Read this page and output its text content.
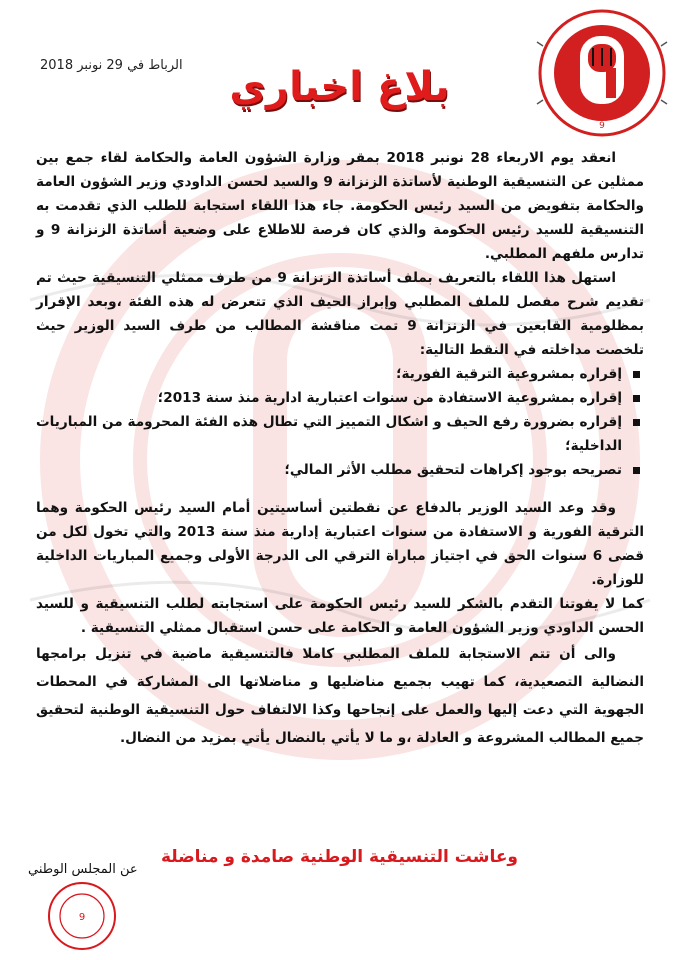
9
الرباط في 29 نونبر 2018	بلاغ اخباري

انعقد يوم الاربعاء 28 نونبر 2018 بمقر وزارة الشؤون العامة والحكامة لقاء جمع بين ممثلين عن التنسيقية الوطنية لأساتذة الزنزانة 9 والسيد لحسن الداودي وزير الشؤون العامة والحكامة بتفويض من السيد رئيس الحكومة. جاء هذا اللقاء استجابة للطلب الذي تقدمت به التنسيقية للسيد رئيس الحكومة والذي كان فرصة للاطلاع على وضعية أساتذة الزنزانة 9 و تدارس ملفهم المطلبي.

استهل هذا اللقاء بالتعريف بملف أساتذة الزنزانة 9 من طرف ممثلي التنسيقية حيث تم تقديم شرح مفصل للملف المطلبي وإبراز الحيف الذي تتعرض له هذه الفئة ،وبعد الإقرار بمظلومية القابعين في الزنزانة 9 تمت مناقشة المطالب من طرف السيد الوزير حيث تلخصت مداخلته في النقط التالية:

إقراره بمشروعية الترقية الفورية؛
إقراره بمشروعية الاستفادة من سنوات اعتبارية ادارية منذ سنة 2013؛
إقراره بضرورة رفع الحيف و اشكال التمييز التي تطال هذه الفئة المحرومة من المباريات الداخلية؛
تصريحه بوجود إكراهات لتحقيق مطلب الأثر المالي؛

وقد وعد السيد الوزير بالدفاع عن نقطتين أساسيتين أمام السيد رئيس الحكومة وهما الترقية الفورية و الاستفادة من سنوات اعتبارية إدارية منذ سنة 2013 والتي تخول لكل من قضى 6 سنوات الحق في اجتياز مباراة الترقي الى الدرجة الأولى وجميع المباريات الداخلية للوزارة.

كما لا يفوتنا التقدم بالشكر للسيد رئيس الحكومة على استجابته لطلب التنسيقية و للسيد الحسن الداودي وزير الشؤون العامة و الحكامة على حسن استقبال ممثلي التنسيقية .

والى أن تتم الاستجابة للملف المطلبي كاملا فالتنسيقية ماضية في تنزيل برامجها النضالية التصعيدية، كما تهيب بجميع مناضليها و مناضلاتها الى المشاركة في المحطات الجهوية التي دعت إليها والعمل على إنجاحها وكذا الالتفاف حول التنسيقية الوطنية لتحقيق جميع المطالب المشروعة و العادلة ،و ما لا يأتي بالنضال يأتي بمزيد من النضال.

وعاشت التنسيقية الوطنية صامدة و مناضلة
عن المجلس الوطني
9
